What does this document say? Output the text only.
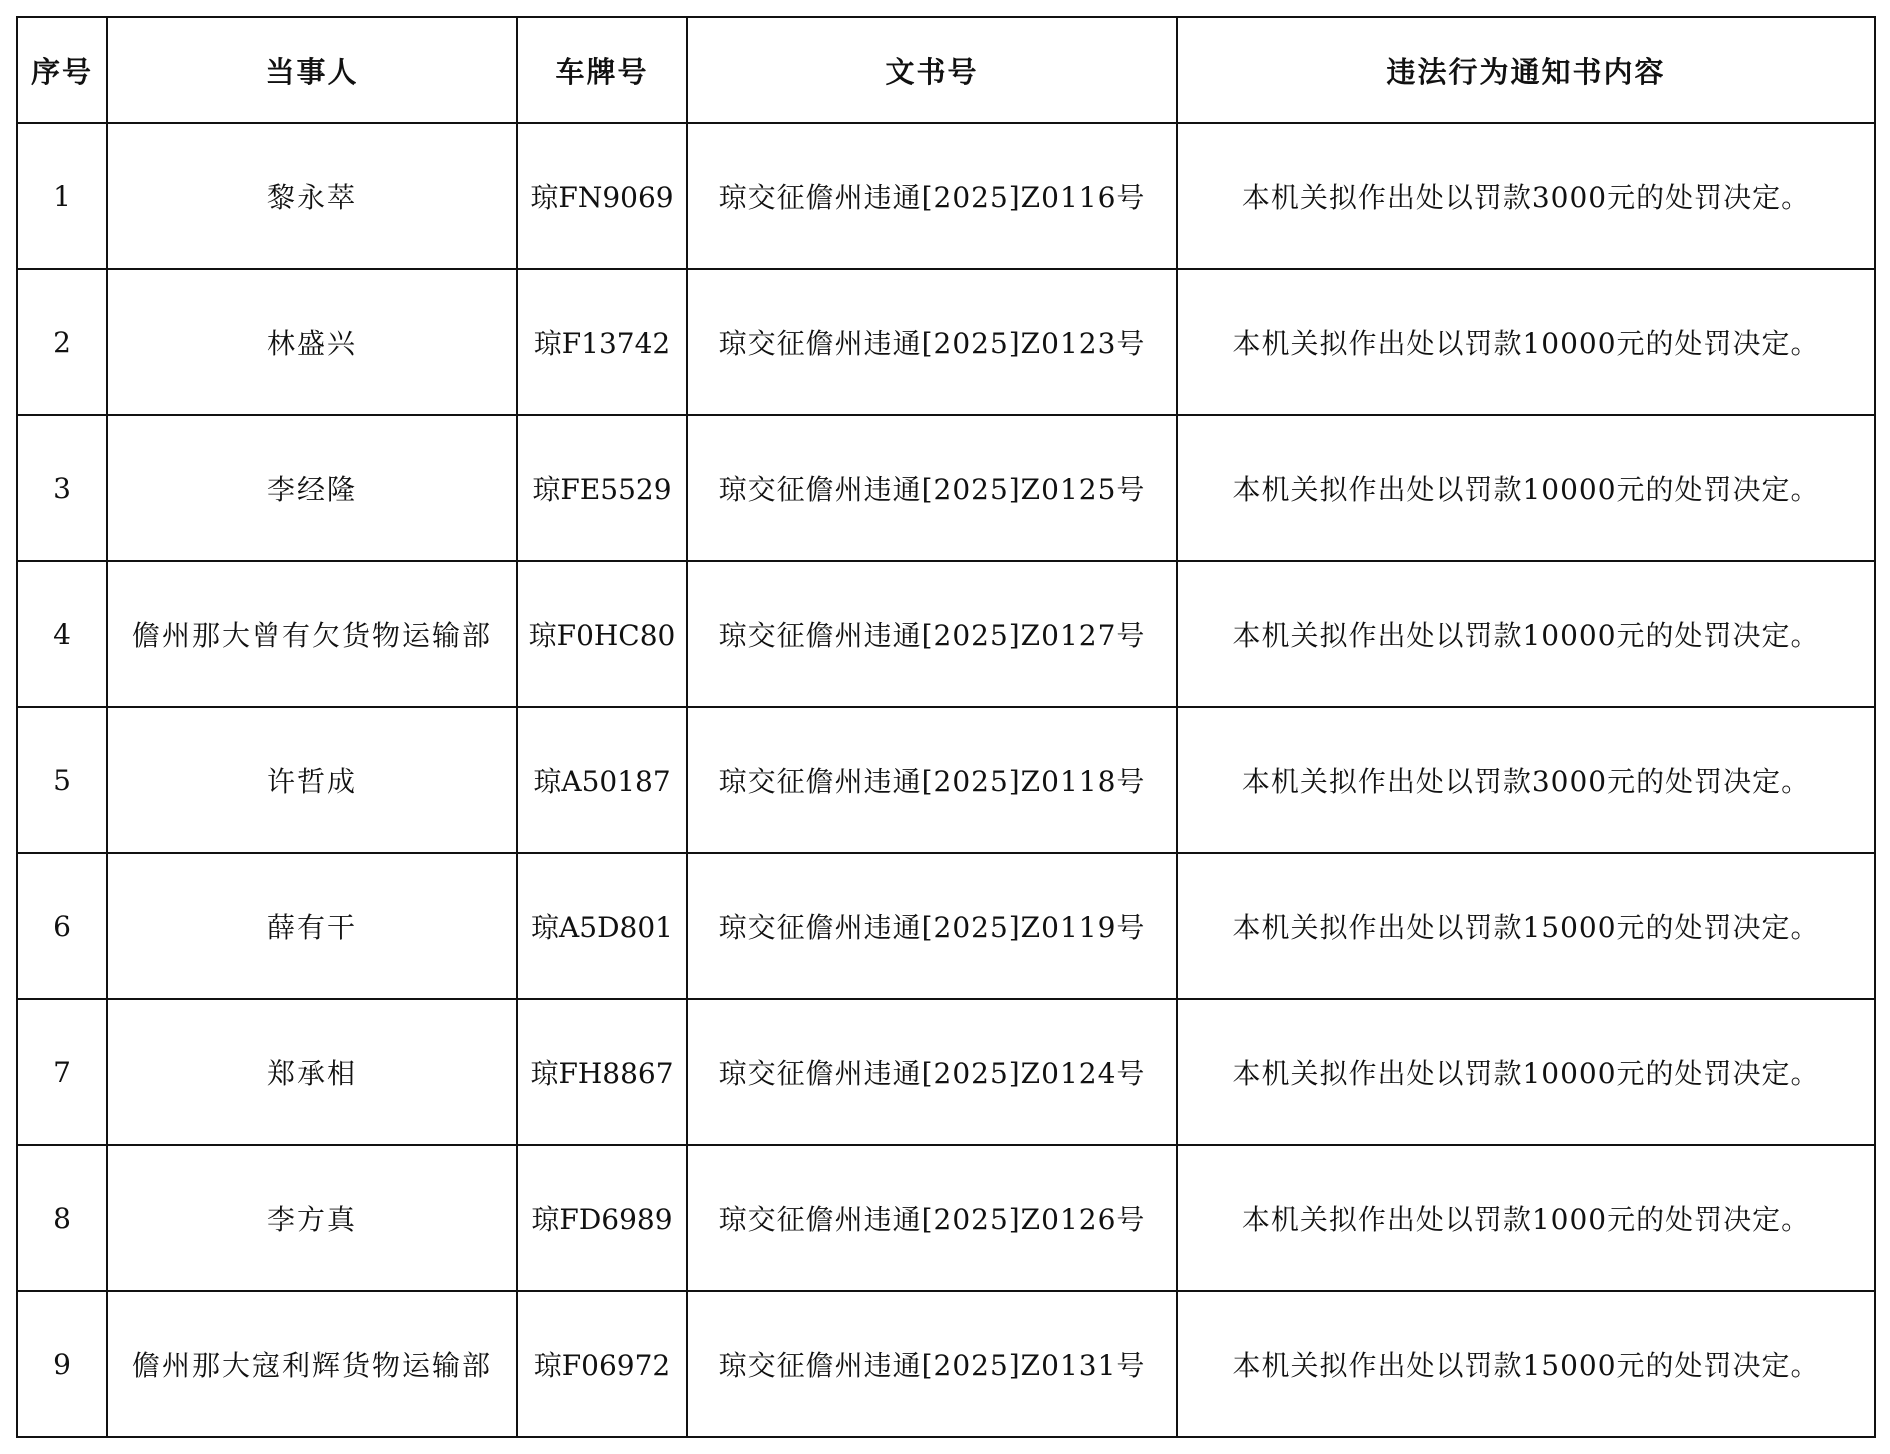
序号	当事人	车牌号	文书号	违法行为通知书内容
1	黎永萃	琼FN9069	琼交征儋州违通[2025]Z0116号	本机关拟作出处以罚款3000元的处罚决定。
2	林盛兴	琼F13742	琼交征儋州违通[2025]Z0123号	本机关拟作出处以罚款10000元的处罚决定。
3	李经隆	琼FE5529	琼交征儋州违通[2025]Z0125号	本机关拟作出处以罚款10000元的处罚决定。
4	儋州那大曾有欠货物运输部	琼F0HC80	琼交征儋州违通[2025]Z0127号	本机关拟作出处以罚款10000元的处罚决定。
5	许哲成	琼A50187	琼交征儋州违通[2025]Z0118号	本机关拟作出处以罚款3000元的处罚决定。
6	薛有干	琼A5D801	琼交征儋州违通[2025]Z0119号	本机关拟作出处以罚款15000元的处罚决定。
7	郑承相	琼FH8867	琼交征儋州违通[2025]Z0124号	本机关拟作出处以罚款10000元的处罚决定。
8	李方真	琼FD6989	琼交征儋州违通[2025]Z0126号	本机关拟作出处以罚款1000元的处罚决定。
9	儋州那大寇利辉货物运输部	琼F06972	琼交征儋州违通[2025]Z0131号	本机关拟作出处以罚款15000元的处罚决定。
